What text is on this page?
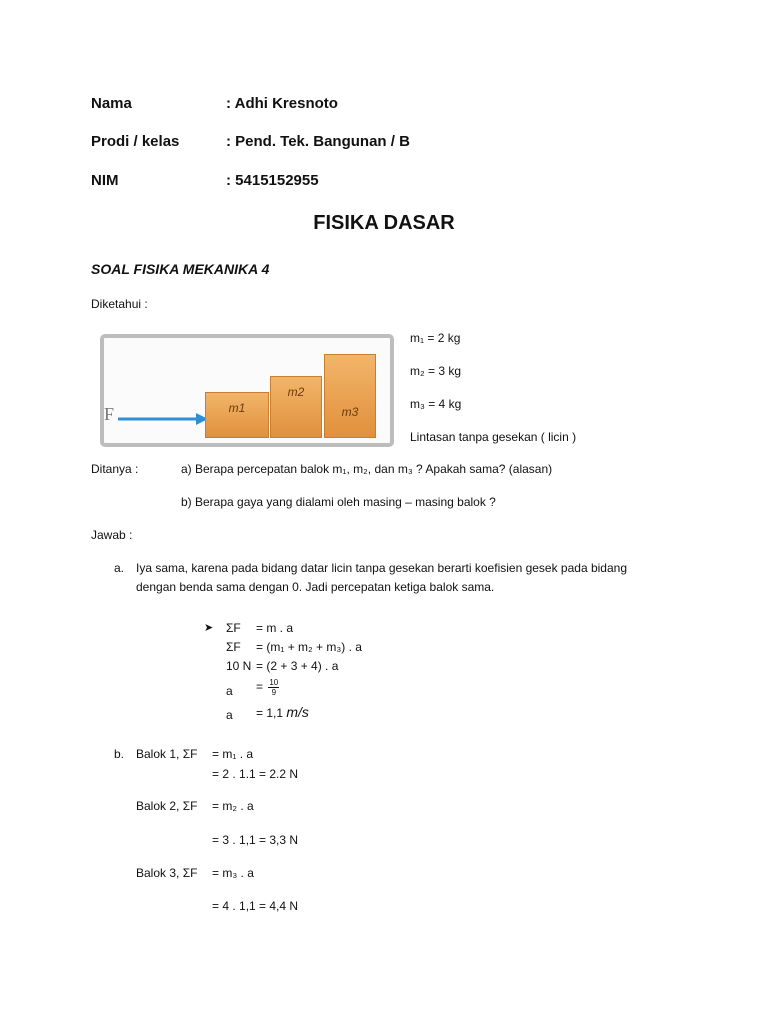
Nama	: Adhi Kresnoto
Prodi / kelas	: Pend. Tek. Bangunan / B
NIM	: 5415152955
FISIKA DASAR
SOAL FISIKA MEKANIKA 4
Diketahui :
F	m1
m2
m3
m₁ = 2 kg
m₂ = 3 kg
m₃ = 4 kg
Lintasan tanpa gesekan ( licin )
Ditanya :	a) Berapa percepatan balok m₁, m₂, dan m₃ ? Apakah sama? (alasan)
b) Berapa gaya yang dialami oleh masing – masing balok ?
Jawab :
a. Iya sama, karena pada bidang datar licin tanpa gesekan berarti koefisien gesek pada bidang
dengan benda sama dengan 0. Jadi percepatan ketiga balok sama.
➤ ΣF = m . a
ΣF = (m₁ + m₂ + m₃) . a
10 N = (2 + 3 + 4) . a
$a = \frac{10}{9}$
a = 1,1 m/s
b. Balok 1, ΣF = m₁ . a
= 2 . 1.1 = 2.2 N
Balok 2, ΣF = m₂ . a
= 3 . 1,1 = 3,3 N
Balok 3, ΣF = m₃ . a
= 4 . 1,1 = 4,4 N
